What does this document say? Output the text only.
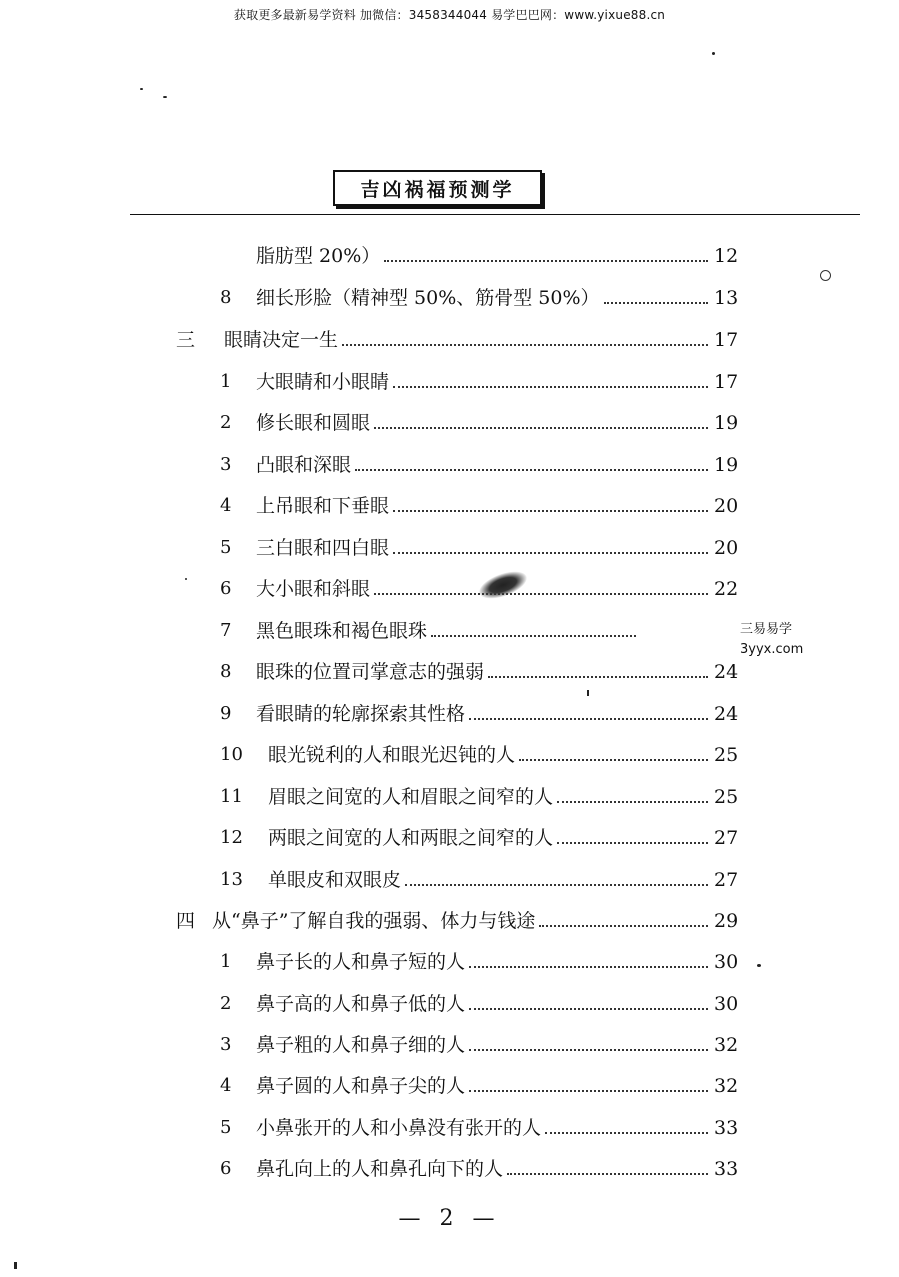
获取更多最新易学资料 加微信：3458344044 易学巴巴网：www.yixue88.cn
吉凶祸福预测学
脂肪型 20%）	12
8	细长形脸（精神型 50%、筋骨型 50%）	13
三	眼睛决定一生	17
1	大眼睛和小眼睛	17
2	修长眼和圆眼	19
3	凸眼和深眼	19
4	上吊眼和下垂眼	20
5	三白眼和四白眼	20
6	大小眼和斜眼	22
7	黑色眼珠和褐色眼珠
8	眼珠的位置司掌意志的强弱	24
9	看眼睛的轮廓探索其性格	24
10	眼光锐利的人和眼光迟钝的人	25
11	眉眼之间宽的人和眉眼之间窄的人	25
12	两眼之间宽的人和两眼之间窄的人	27
13	单眼皮和双眼皮	27
四 从“鼻子”了解自我的强弱、体力与钱途	29
1	鼻子长的人和鼻子短的人	30
2	鼻子高的人和鼻子低的人	30
3	鼻子粗的人和鼻子细的人	32
4	鼻子圆的人和鼻子尖的人	32
5	小鼻张开的人和小鼻没有张开的人	33
6	鼻孔向上的人和鼻孔向下的人	33
三易易学
3yyx.com
— 2 —
